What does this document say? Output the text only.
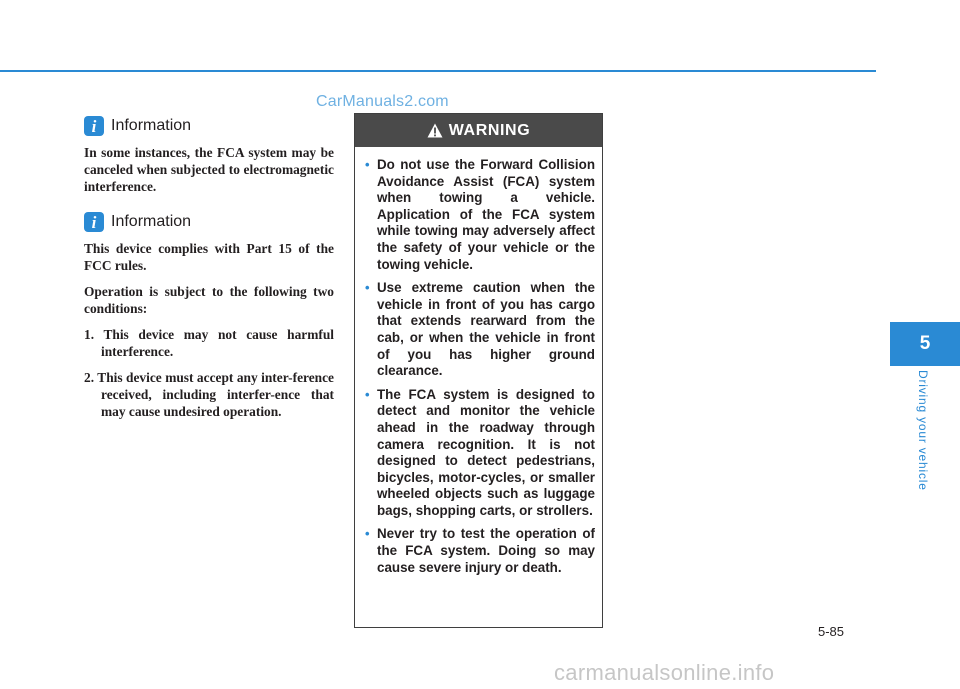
CarManuals2.com
i Information

In some instances, the FCA system may be canceled when subjected to electromagnetic interference.

i Information

This device complies with Part 15 of the FCC rules.

Operation is subject to the following two conditions:

1. This device may not cause harmful interference.
2. This device must accept any inter-ference received, including interfer-ence that may cause undesired operation.
WARNING
• Do not use the Forward Collision Avoidance Assist (FCA) system when towing a vehicle. Application of the FCA system while towing may adversely affect the safety of your vehicle or the towing vehicle.
• Use extreme caution when the vehicle in front of you has cargo that extends rearward from the cab, or when the vehicle in front of you has higher ground clearance.
• The FCA system is designed to detect and monitor the vehicle ahead in the roadway through camera recognition. It is not designed to detect pedestrians, bicycles, motor-cycles, or smaller wheeled objects such as luggage bags, shopping carts, or strollers.
• Never try to test the operation of the FCA system. Doing so may cause severe injury or death.
5
Driving your vehicle
5-85
carmanualsonline.info
